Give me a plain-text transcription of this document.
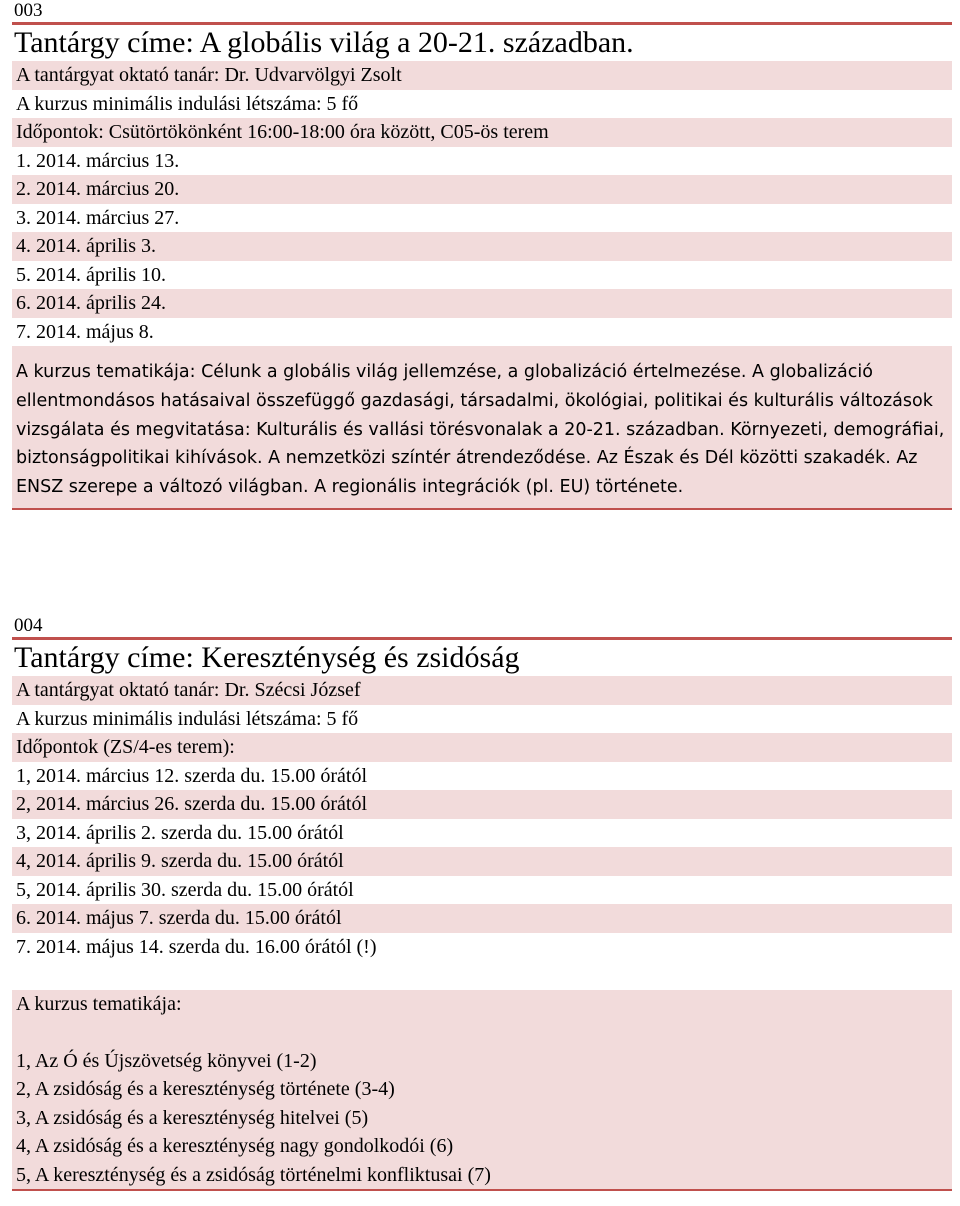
003
Tantárgy címe: A globális világ a 20-21. században.
A tantárgyat oktató tanár: Dr. Udvarvölgyi Zsolt
A kurzus minimális indulási létszáma: 5 fő
Időpontok: Csütörtökönként 16:00-18:00 óra között, C05-ös terem
1. 2014. március 13.
2. 2014. március 20.
3. 2014. március 27.
4. 2014. április 3.
5. 2014. április 10.
6. 2014. április 24.
7. 2014. május 8.
A kurzus tematikája: Célunk a globális világ jellemzése, a globalizáció értelmezése. A globalizáció ellentmondásos hatásaival összefüggő gazdasági, társadalmi, ökológiai, politikai és kulturális változások vizsgálata és megvitatása: Kulturális és vallási törésvonalak a 20-21. században. Környezeti, demográfiai, biztonságpolitikai kihívások. A nemzetközi színtér átrendeződése. Az Észak és Dél közötti szakadék. Az ENSZ szerepe a változó világban. A regionális integrációk (pl. EU) története.
004
Tantárgy címe: Kereszténység és zsidóság
A tantárgyat oktató tanár: Dr. Szécsi József
A kurzus minimális indulási létszáma: 5 fő
Időpontok (ZS/4-es terem):
1, 2014. március 12. szerda du. 15.00 órától
2, 2014. március 26. szerda du. 15.00 órától
3, 2014. április 2. szerda du. 15.00 órától
4, 2014. április 9. szerda du. 15.00 órától
5, 2014. április 30. szerda du. 15.00 órától
6. 2014. május 7. szerda du. 15.00 órától
7. 2014. május 14. szerda du. 16.00 órától (!)
A kurzus tematikája:
1, Az Ó és Újszövetség könyvei (1-2)
2, A zsidóság és a kereszténység története (3-4)
3, A zsidóság és a kereszténység hitelvei (5)
4, A zsidóság és a kereszténység nagy gondolkodói (6)
5, A kereszténység és a zsidóság történelmi konfliktusai (7)
